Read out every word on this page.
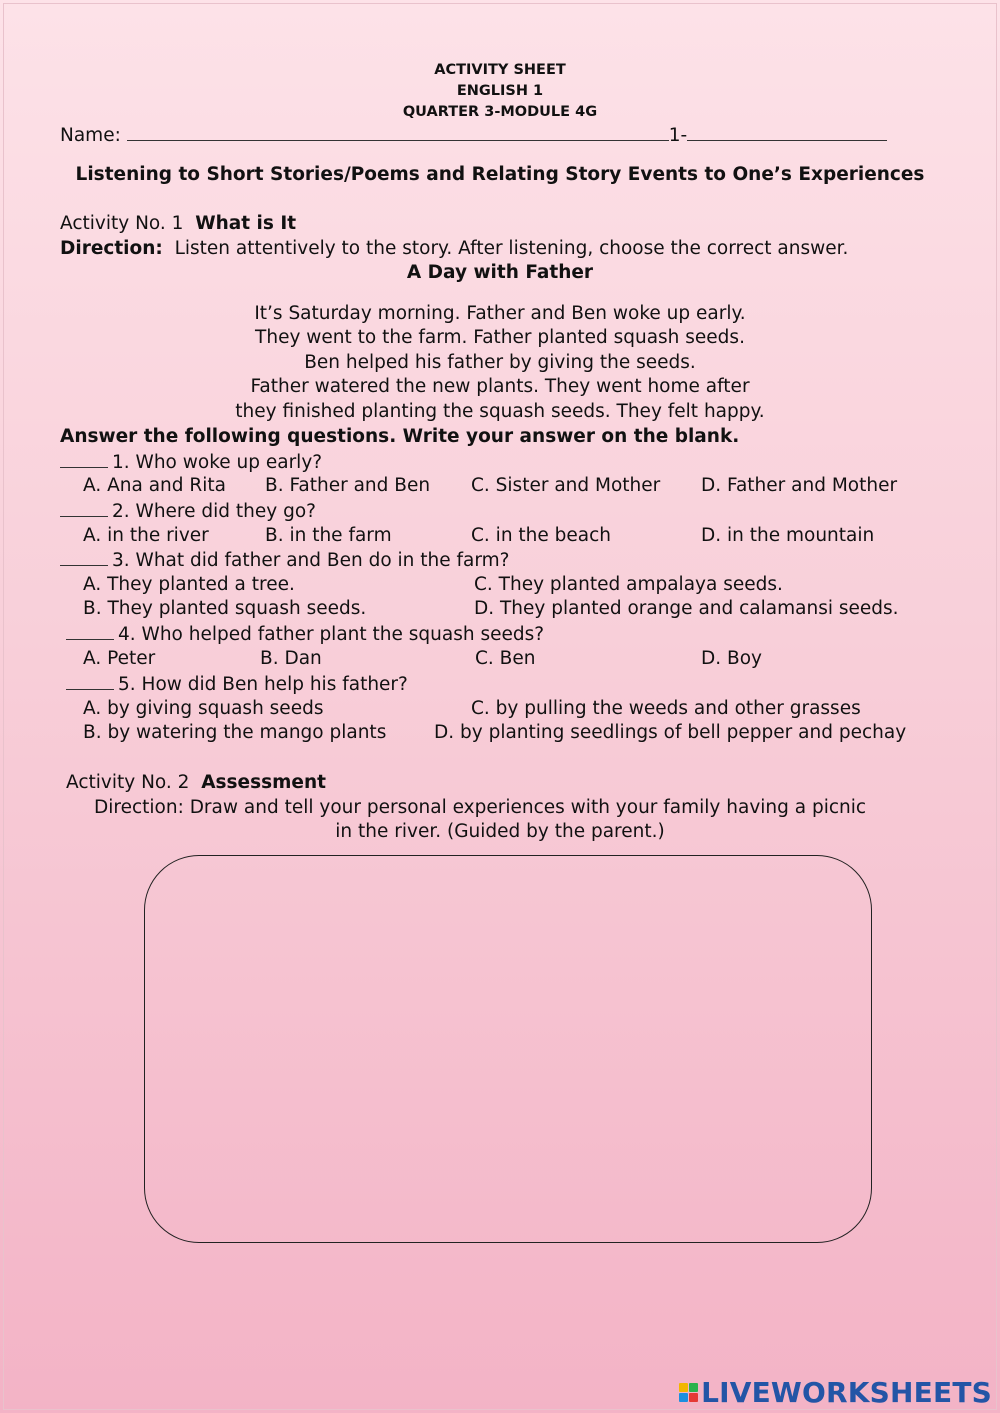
ACTIVITY SHEET
ENGLISH 1
QUARTER 3-MODULE 4G
Name:	1-
Listening to Short Stories/Poems and Relating Story Events to One’s Experiences
Activity No. 1 What is It
Direction: Listen attentively to the story. After listening, choose the correct answer.
A Day with Father
It’s Saturday morning. Father and Ben woke up early.
They went to the farm. Father planted squash seeds.
Ben helped his father by giving the seeds.
Father watered the new plants. They went home after
they finished planting the squash seeds. They felt happy.
Answer the following questions. Write your answer on the blank.
1. Who woke up early?
A. Ana and Rita B. Father and Ben C. Sister and Mother D. Father and Mother
2. Where did they go?
A. in the river	B. in the farm	C. in the beach	D. in the mountain
3. What did father and Ben do in the farm?
A. They planted a tree.	C. They planted ampalaya seeds.
B. They planted squash seeds.	D. They planted orange and calamansi seeds.
4. Who helped father plant the squash seeds?
A. Peter	B. Dan	C. Ben	D. Boy
5. How did Ben help his father?
A. by giving squash seeds	C. by pulling the weeds and other grasses
B. by watering the mango plants	D. by planting seedlings of bell pepper and pechay
Activity No. 2 Assessment
Direction: Draw and tell your personal experiences with your family having a picnic
in the river. (Guided by the parent.)
LIVEWORKSHEETS
